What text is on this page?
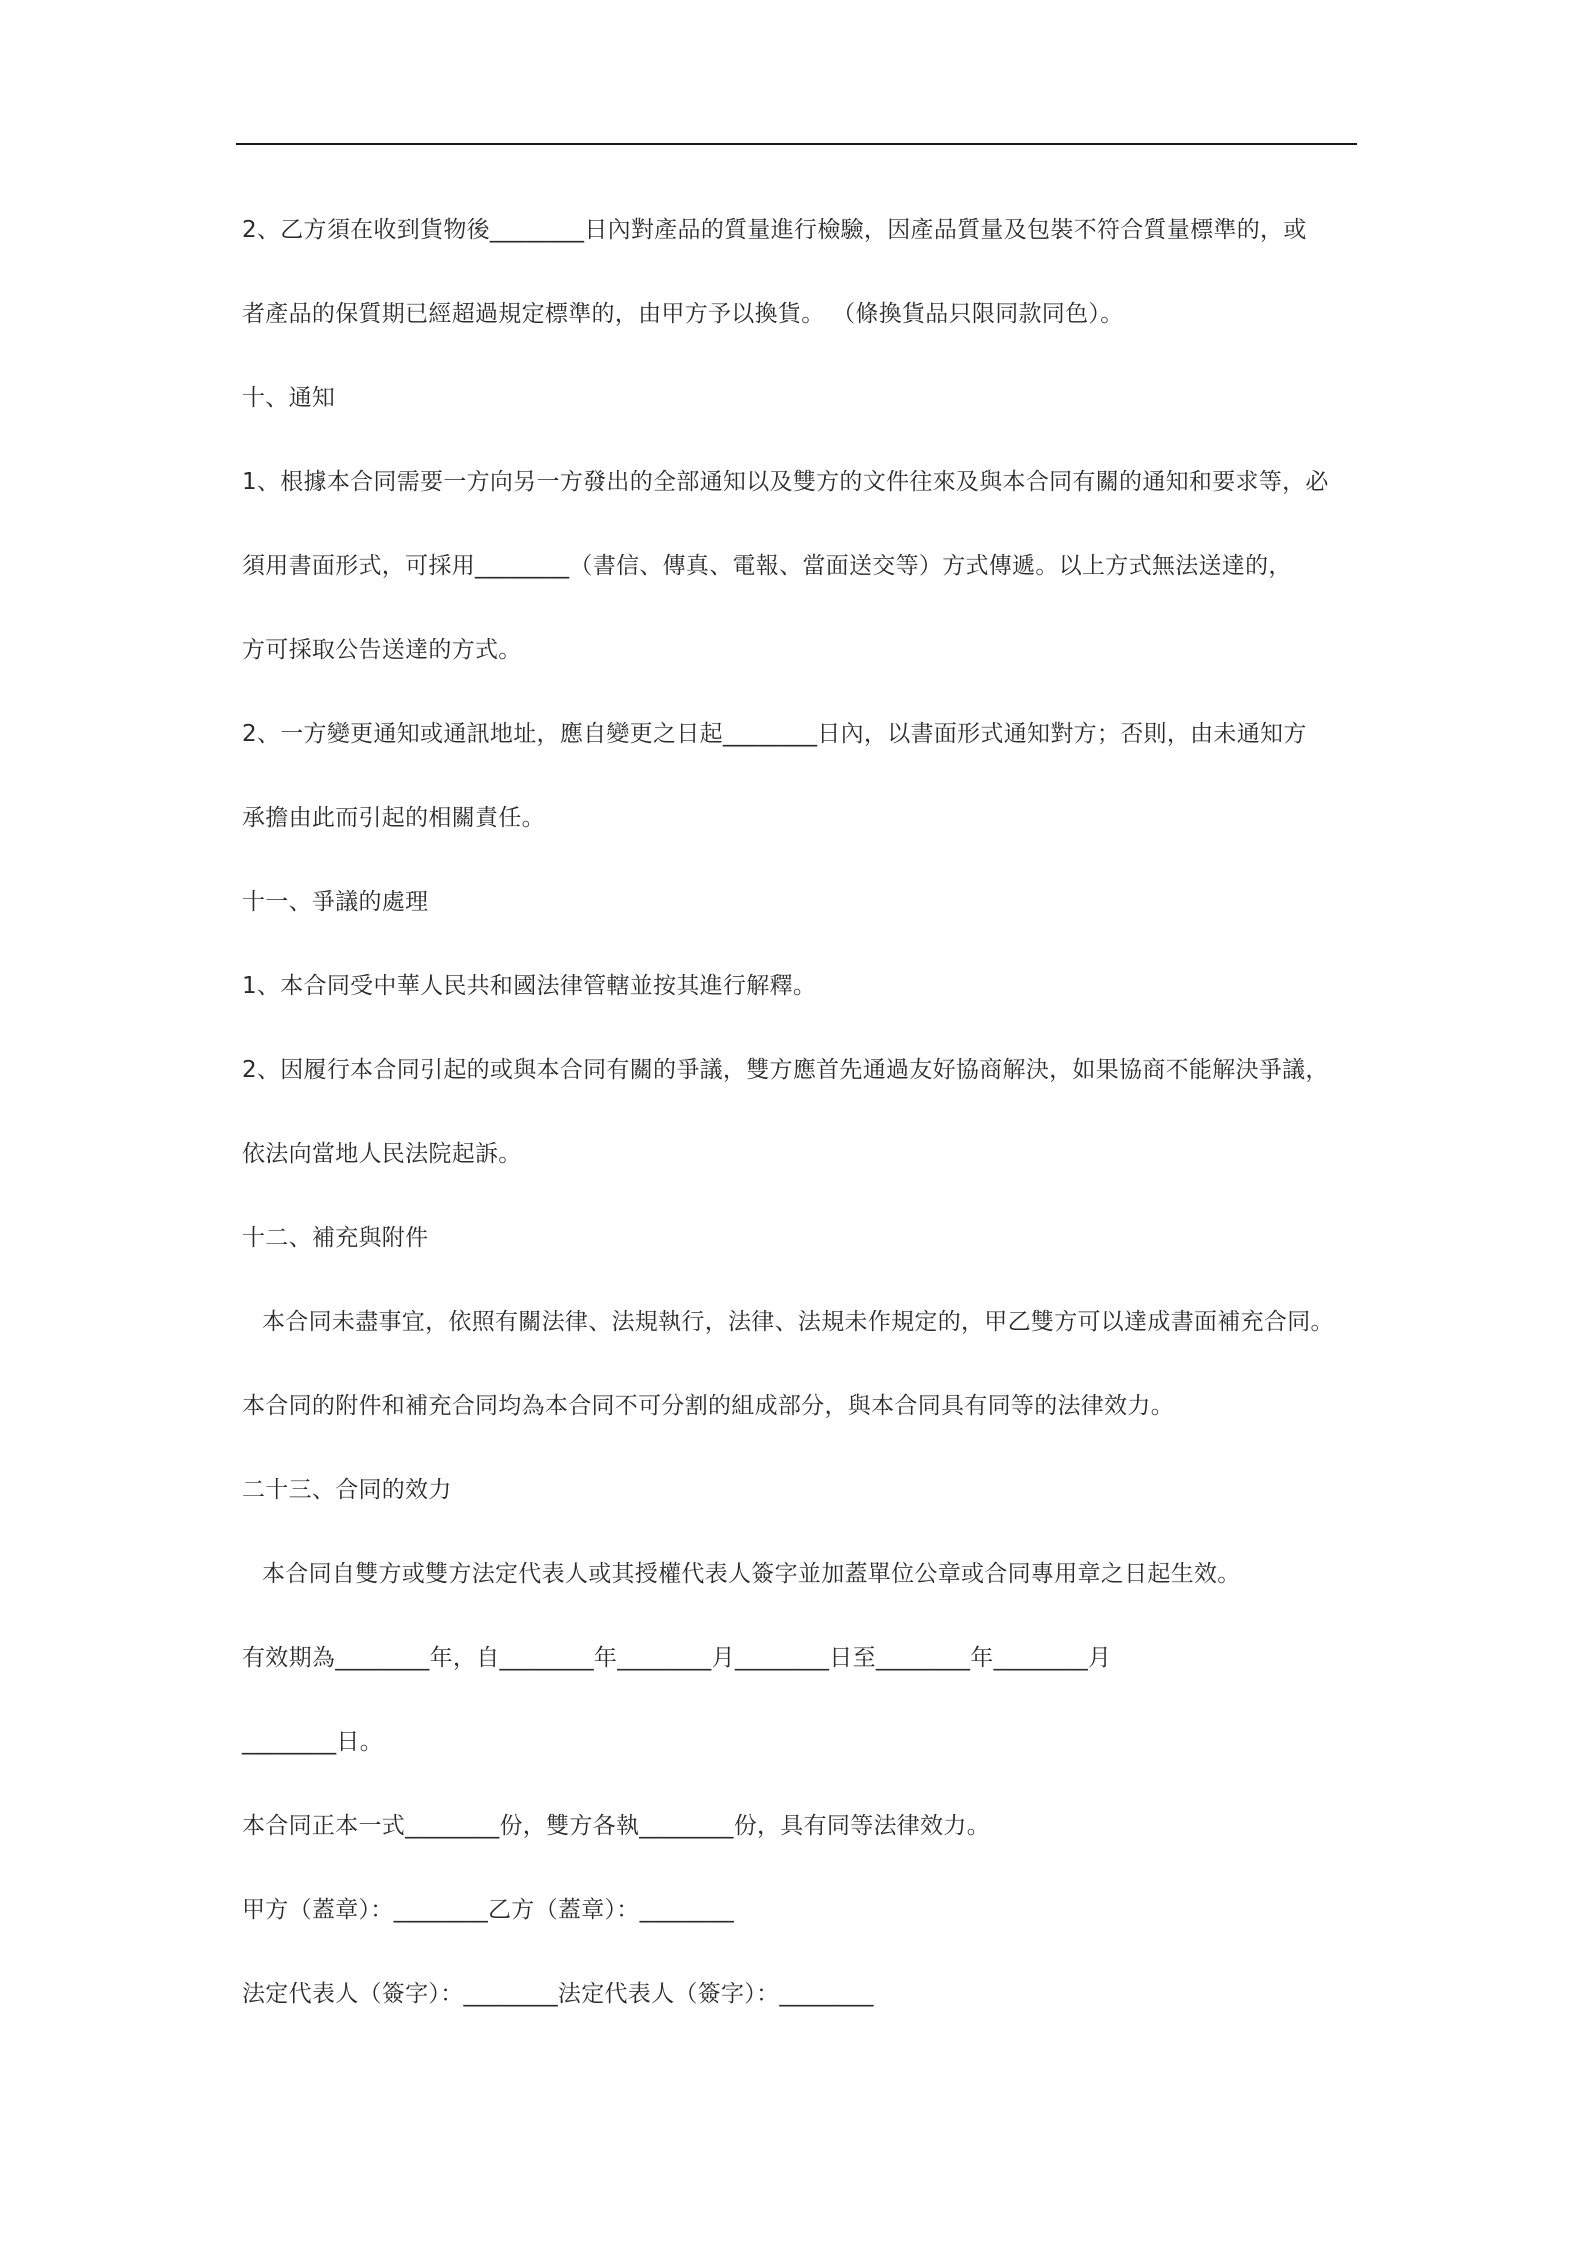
2、乙方須在收到貨物後________日內對產品的質量進行檢驗，因產品質量及包裝不符合質量標準的，或
者產品的保質期已經超過規定標準的，由甲方予以換貨。 （條換貨品只限同款同色）。
十、通知
1、根據本合同需要一方向另一方發出的全部通知以及雙方的文件往來及與本合同有關的通知和要求等，必
須用書面形式，可採用________（書信、傳真、電報、當面送交等）方式傳遞。以上方式無法送達的，
方可採取公告送達的方式。
2、一方變更通知或通訊地址，應自變更之日起________日內，以書面形式通知對方；否則，由未通知方
承擔由此而引起的相關責任。
十一、爭議的處理
1、本合同受中華人民共和國法律管轄並按其進行解釋。
2、因履行本合同引起的或與本合同有關的爭議，雙方應首先通過友好協商解決，如果協商不能解決爭議，
依法向當地人民法院起訴。
十二、補充與附件
本合同未盡事宜，依照有關法律、法規執行，法律、法規未作規定的，甲乙雙方可以達成書面補充合同。
本合同的附件和補充合同均為本合同不可分割的組成部分，與本合同具有同等的法律效力。
二十三、合同的效力
本合同自雙方或雙方法定代表人或其授權代表人簽字並加蓋單位公章或合同專用章之日起生效。
有效期為________年，自________年________月________日至________年________月
________日。
本合同正本一式________份，雙方各執________份，具有同等法律效力。
甲方（蓋章）：________乙方（蓋章）：________
法定代表人（簽字）：________法定代表人（簽字）：________
